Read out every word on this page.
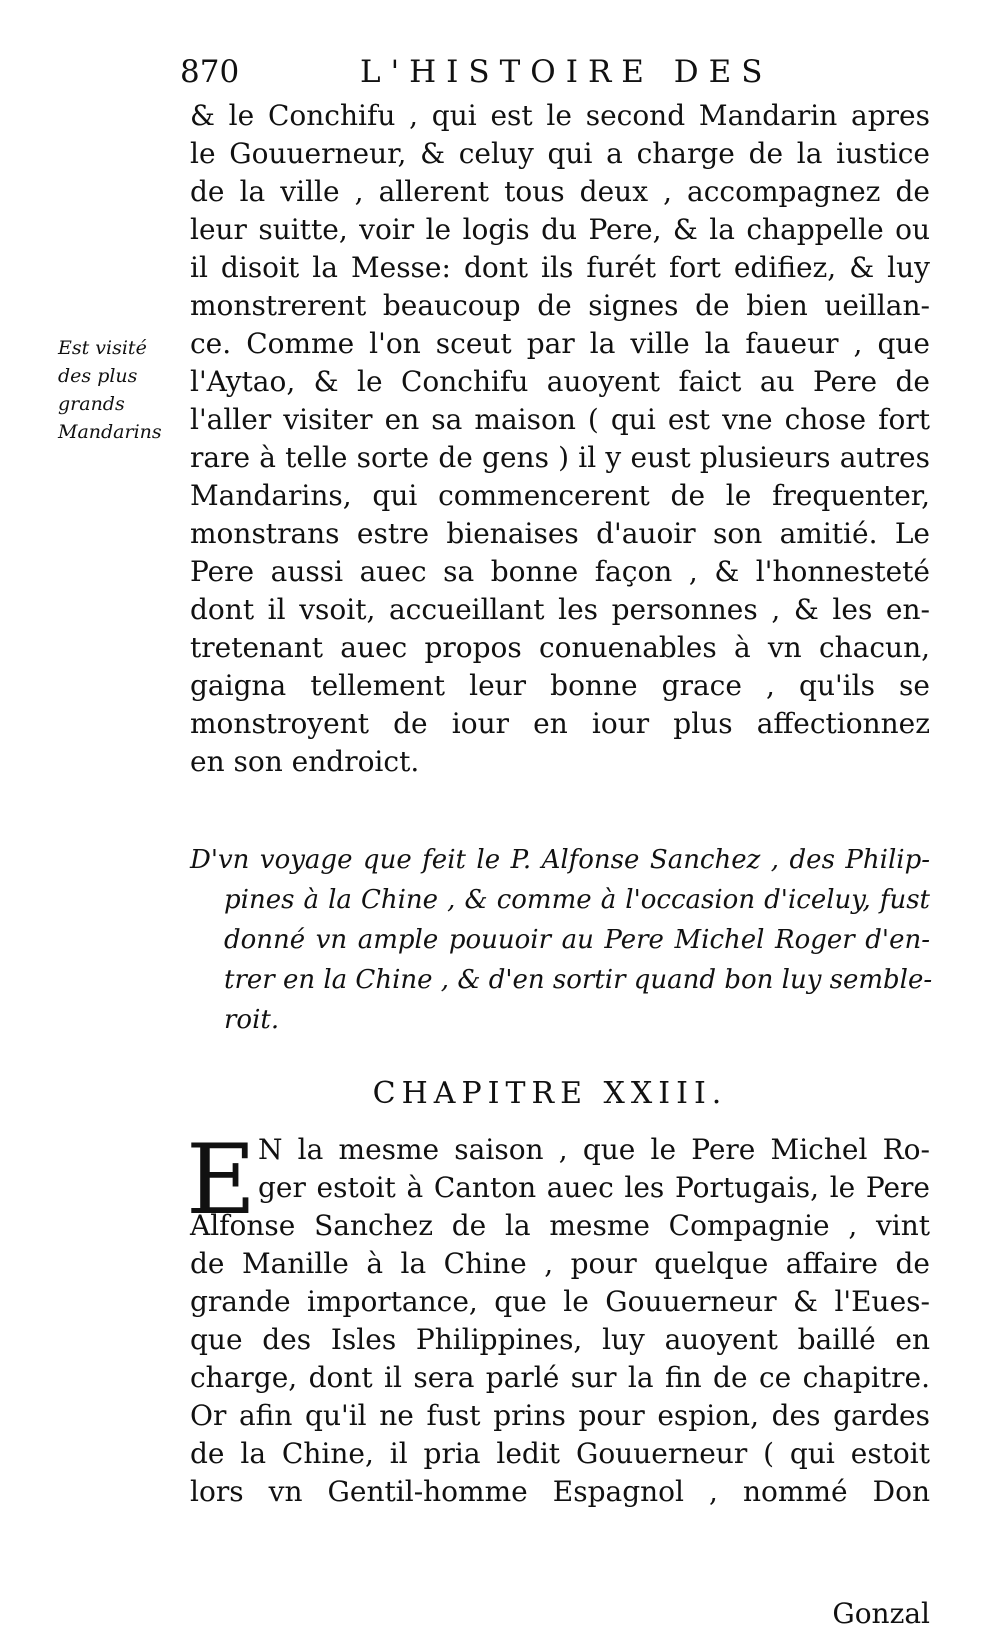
870	L'HISTOIRE DES
Est visité
des plus
grands
Mandarins
& le Conchifu , qui est le second Mandarin apres
le Gouuerneur, & celuy qui a charge de la iustice
de la ville , allerent tous deux , accompagnez de
leur suitte, voir le logis du Pere, & la chappelle ou
il disoit la Messe: dont ils furét fort edifiez, & luy
monstrerent beaucoup de signes de bien ueillan-
ce. Comme l'on sceut par la ville la faueur , que
l'Aytao, & le Conchifu auoyent faict au Pere de
l'aller visiter en sa maison ( qui est vne chose fort
rare à telle sorte de gens ) il y eust plusieurs autres
Mandarins, qui commencerent de le frequenter,
monstrans estre bienaises d'auoir son amitié. Le
Pere aussi auec sa bonne façon , & l'honnesteté
dont il vsoit, accueillant les personnes , & les en-
tretenant auec propos conuenables à vn chacun,
gaigna tellement leur bonne grace , qu'ils se
monstroyent de iour en iour plus affectionnez
en son endroict.
D'vn voyage que feit le P. Alfonse Sanchez , des Philip-
pines à la Chine , & comme à l'occasion d'iceluy, fust
donné vn ample pouuoir au Pere Michel Roger d'en-
trer en la Chine , & d'en sortir quand bon luy semble-
roit.
CHAPITRE XXIII.
E N la mesme saison , que le Pere Michel Ro-
ger estoit à Canton auec les Portugais, le Pere
Alfonse Sanchez de la mesme Compagnie , vint
de Manille à la Chine , pour quelque affaire de
grande importance, que le Gouuerneur & l'Eues-
que des Isles Philippines, luy auoyent baillé en
charge, dont il sera parlé sur la fin de ce chapitre.
Or afin qu'il ne fust prins pour espion, des gardes
de la Chine, il pria ledit Gouuerneur ( qui estoit
lors vn Gentil-homme Espagnol , nommé Don
Gonzal
